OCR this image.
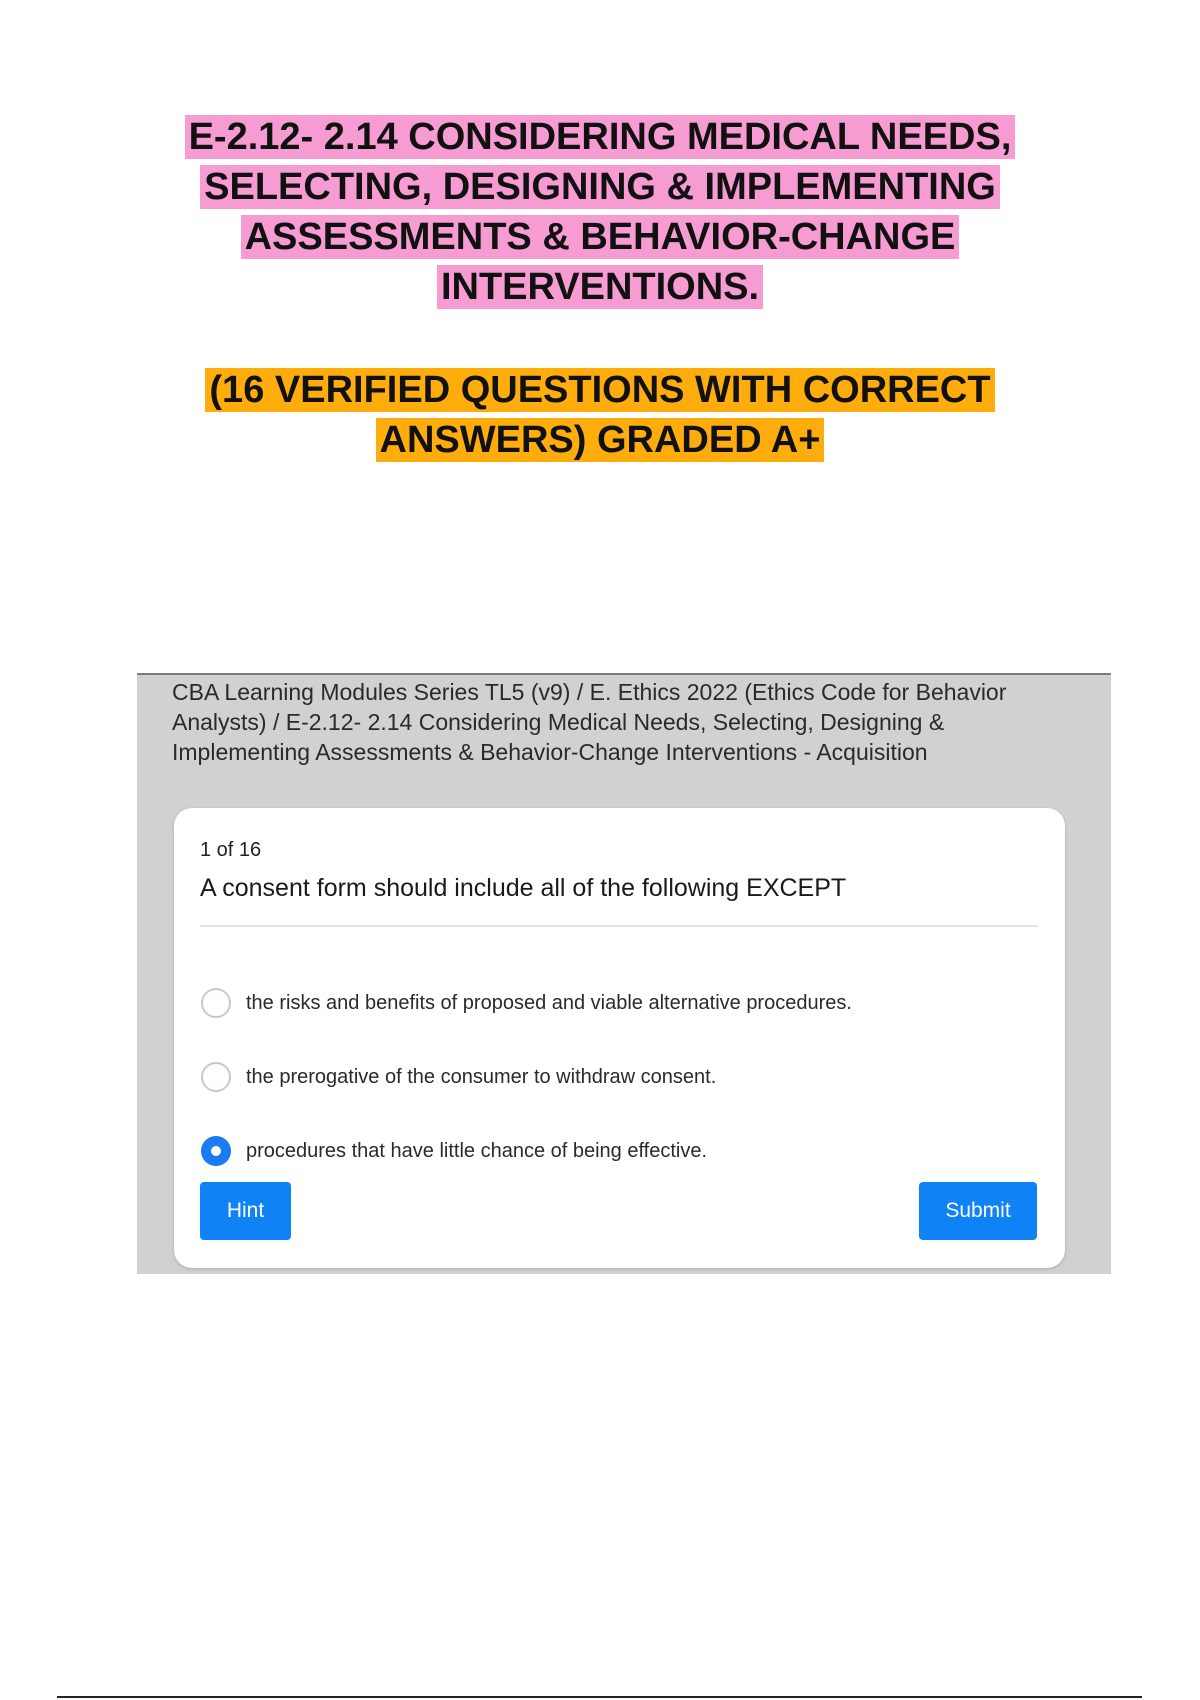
E-2.12- 2.14 CONSIDERING MEDICAL NEEDS,
SELECTING, DESIGNING & IMPLEMENTING
ASSESSMENTS & BEHAVIOR-CHANGE
INTERVENTIONS.
(16 VERIFIED QUESTIONS WITH CORRECT
ANSWERS) GRADED A+

CBA Learning Modules Series TL5 (v9) / E. Ethics 2022 (Ethics Code for Behavior Analysts) / E-2.12- 2.14 Considering Medical Needs, Selecting, Designing & Implementing Assessments & Behavior-Change Interventions - Acquisition

1 of 16
A consent form should include all of the following EXCEPT
the risks and benefits of proposed and viable alternative procedures.
the prerogative of the consumer to withdraw consent.
procedures that have little chance of being effective.
Hint	Submit
